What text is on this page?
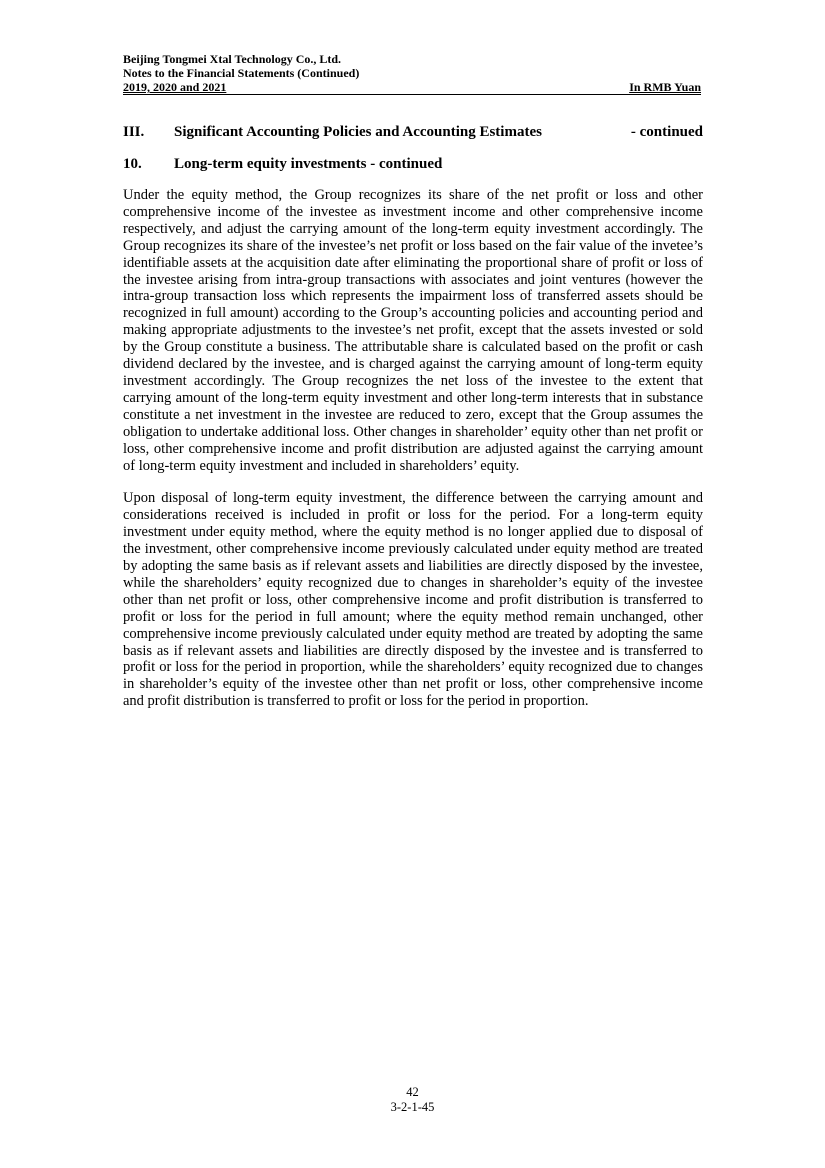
Beijing Tongmei Xtal Technology Co., Ltd.
Notes to the Financial Statements (Continued)
2019, 2020 and 2021	In RMB Yuan
III.	Significant Accounting Policies and Accounting Estimates	- continued
10.	Long-term equity investments - continued

Under the equity method, the Group recognizes its share of the net profit or loss and other comprehensive income of the investee as investment income and other comprehensive income respectively, and adjust the carrying amount of the long-term equity investment accordingly. The Group recognizes its share of the investee’s net profit or loss based on the fair value of the invetee’s identifiable assets at the acquisition date after eliminating the proportional share of profit or loss of the investee arising from intra-group transactions with associates and joint ventures (however the intra-group transaction loss which represents the impairment loss of transferred assets should be recognized in full amount) according to the Group’s accounting policies and accounting period and making appropriate adjustments to the investee’s net profit, except that the assets invested or sold by the Group constitute a business. The attributable share is calculated based on the profit or cash dividend declared by the investee, and is charged against the carrying amount of long-term equity investment accordingly. The Group recognizes the net loss of the investee to the extent that carrying amount of the long-term equity investment and other long-term interests that in substance constitute a net investment in the investee are reduced to zero, except that the Group assumes the obligation to undertake additional loss. Other changes in shareholder’ equity other than net profit or loss, other comprehensive income and profit distribution are adjusted against the carrying amount of long-term equity investment and included in shareholders’ equity.

Upon disposal of long-term equity investment, the difference between the carrying amount and considerations received is included in profit or loss for the period. For a long-term equity investment under equity method, where the equity method is no longer applied due to disposal of the investment, other comprehensive income previously calculated under equity method are treated by adopting the same basis as if relevant assets and liabilities are directly disposed by the investee, while the shareholders’ equity recognized due to changes in shareholder’s equity of the investee other than net profit or loss, other comprehensive income and profit distribution is transferred to profit or loss for the period in full amount; where the equity method remain unchanged, other comprehensive income previously calculated under equity method are treated by adopting the same basis as if relevant assets and liabilities are directly disposed by the investee and is transferred to profit or loss for the period in proportion, while the shareholders’ equity recognized due to changes in shareholder’s equity of the investee other than net profit or loss, other comprehensive income and profit distribution is transferred to profit or loss for the period in proportion.

42
3-2-1-45
